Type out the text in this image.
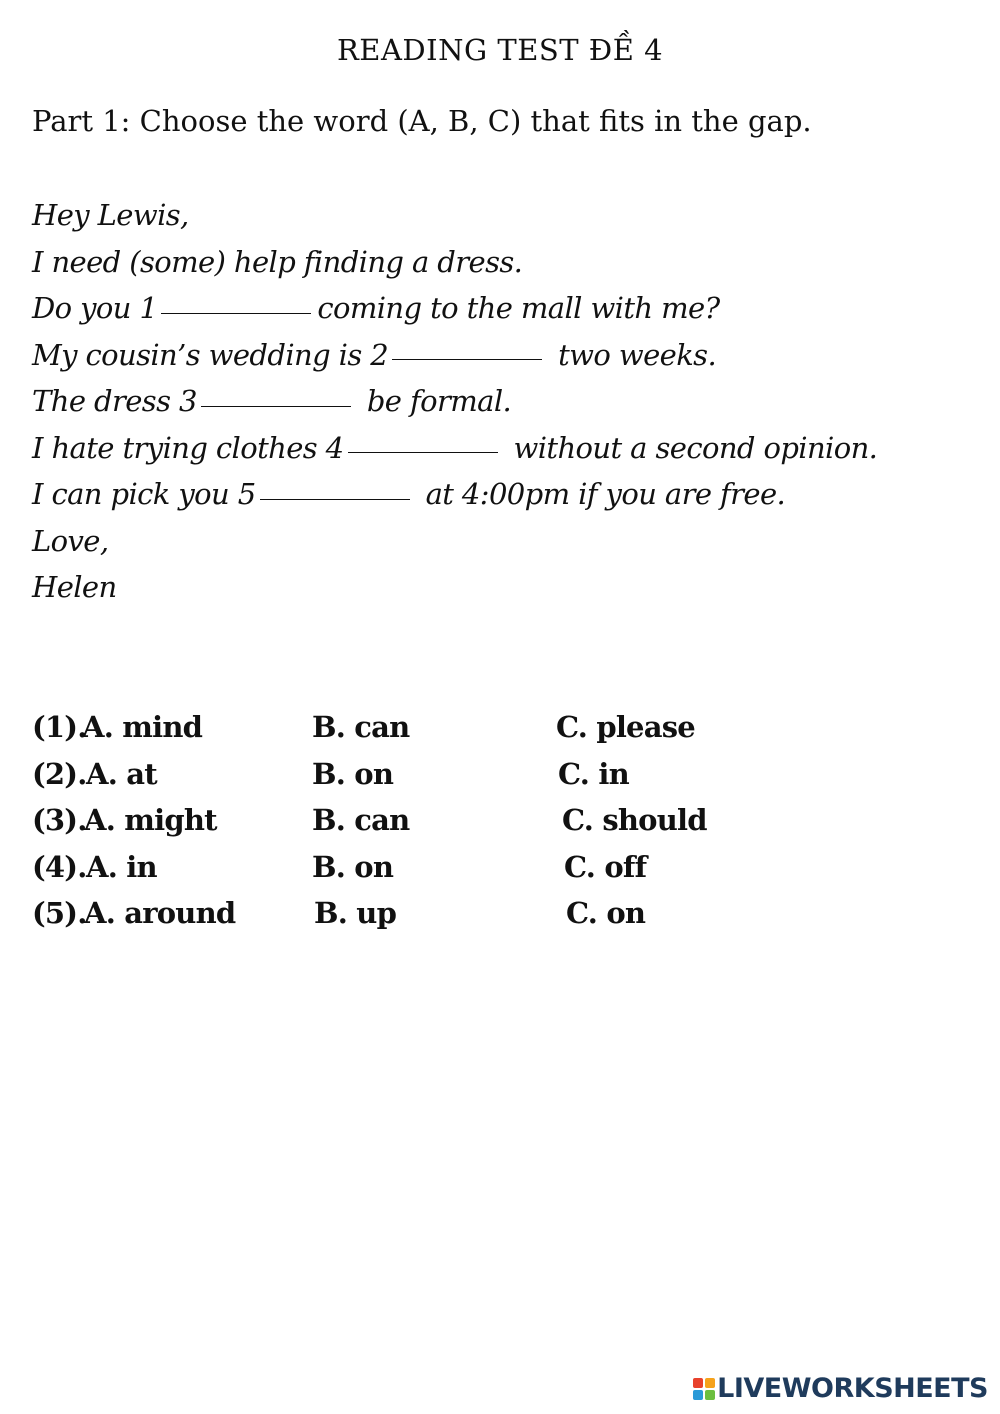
READING TEST ĐỀ 4
Part 1: Choose the word (A, B, C) that fits in the gap.
Hey Lewis,
I need (some) help finding a dress.
Do you 1	coming to the mall with me?
My cousin’s wedding is 2	two weeks.
The dress 3	be formal.
I hate trying clothes 4	without a second opinion.
I can pick you 5	at 4:00pm if you are free.
Love,
Helen
(1).
A. mind	B. can	C. please
(2). A. at	B. on	C. in
(3).
A. might	B. can	C. should
(4). A. in	B. on	C. off
(5).
A. around	B. up	C. on
LIVEWORKSHEETS
